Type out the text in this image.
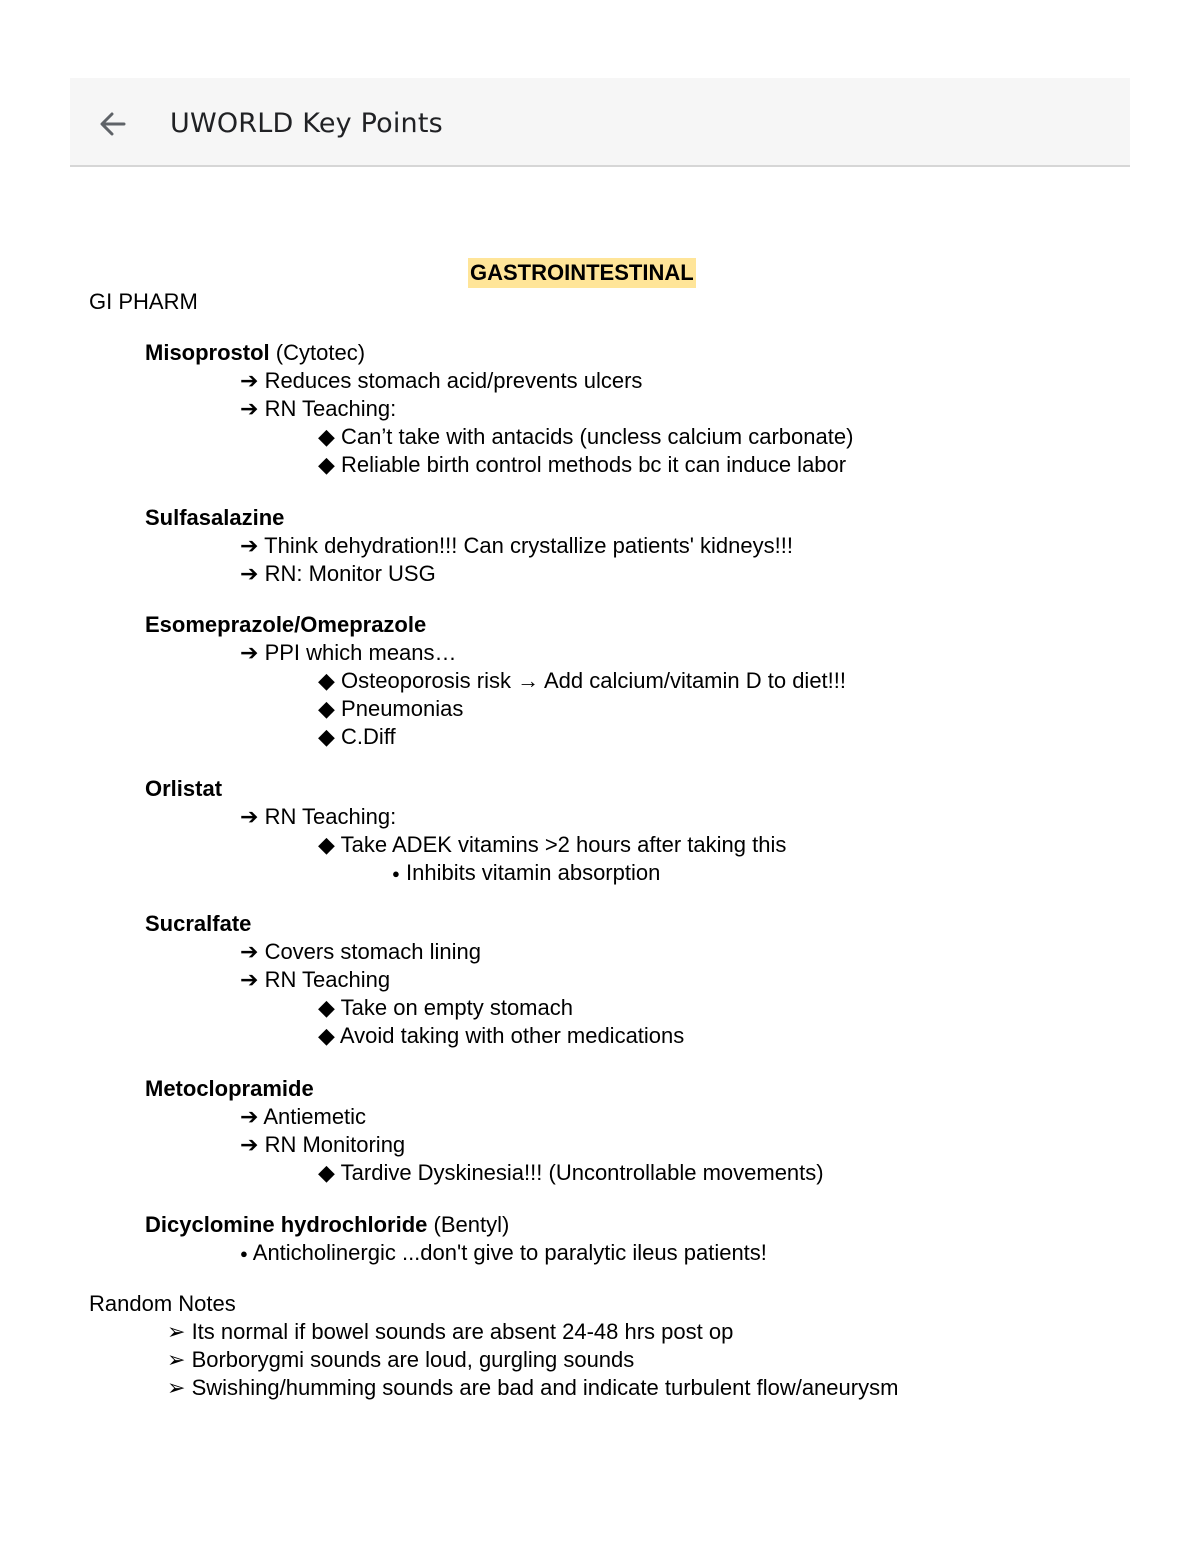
UWORLD Key Points
GASTROINTESTINAL
GI PHARM
Misoprostol (Cytotec)
➔ Reduces stomach acid/prevents ulcers
➔ RN Teaching:
◆ Can’t take with antacids (uncless calcium carbonate)
◆ Reliable birth control methods bc it can induce labor
Sulfasalazine
➔ Think dehydration!!! Can crystallize patients' kidneys!!!
➔ RN: Monitor USG
Esomeprazole/Omeprazole
➔ PPI which means…
◆ Osteoporosis risk → Add calcium/vitamin D to diet!!!
◆ Pneumonias
◆ C.Diff
Orlistat
➔ RN Teaching:
◆ Take ADEK vitamins >2 hours after taking this
● Inhibits vitamin absorption
Sucralfate
➔ Covers stomach lining
➔ RN Teaching
◆ Take on empty stomach
◆ Avoid taking with other medications
Metoclopramide
➔ Antiemetic
➔ RN Monitoring
◆ Tardive Dyskinesia!!! (Uncontrollable movements)
Dicyclomine hydrochloride (Bentyl)
● Anticholinergic ...don't give to paralytic ileus patients!
Random Notes
➢ Its normal if bowel sounds are absent 24-48 hrs post op
➢ Borborygmi sounds are loud, gurgling sounds
➢ Swishing/humming sounds are bad and indicate turbulent flow/aneurysm
